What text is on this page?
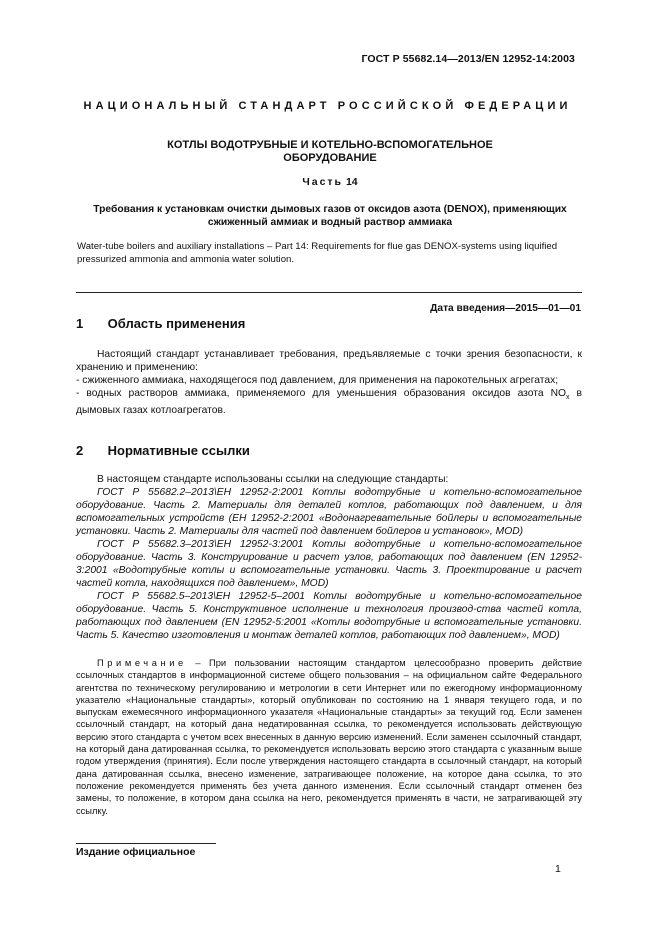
ГОСТ Р 55682.14—2013/EN 12952-14:2003
НАЦИОНАЛЬНЫЙ СТАНДАРТ РОССИЙСКОЙ ФЕДЕРАЦИИ
КОТЛЫ ВОДОТРУБНЫЕ И КОТЕЛЬНО-ВСПОМОГАТЕЛЬНОЕ
ОБОРУДОВАНИЕ
Часть 14
Требования к установкам очистки дымовых газов от оксидов азота (DENOX), применяющих сжиженный аммиак и водный раствор аммиака
Water-tube boilers and auxiliary installations – Part 14: Requirements for flue gas DENOX-systems using liquified pressurized ammonia and ammonia water solution.
Дата введения—2015—01—01
1 Область применения
Настоящий стандарт устанавливает требования, предъявляемые с точки зрения безопасности, к хранению и применению:
- сжиженного аммиака, находящегося под давлением, для применения на парокотельных агрегатах;
- водных растворов аммиака, применяемого для уменьшения образования оксидов азота $NO_x$ в дымовых газах котлоагрегатов.
2 Нормативные ссылки
В настоящем стандарте использованы ссылки на следующие стандарты:
ГОСТ Р 55682.2–2013\EH 12952-2:2001 Котлы водотрубные и котельно-вспомогательное оборудование. Часть 2. Материалы для деталей котлов, работающих под давлением, и для вспомогательных устройств (EH 12952-2:2001 «Водонагревательные бойлеры и вспомогательные установки. Часть 2. Материалы для частей под давлением бойлеров и установок», MOD)
ГОСТ Р 55682.3–2013\EH 12952-3:2001 Котлы водотрубные и котельно-вспомогательное оборудование. Часть 3. Конструирование и расчет узлов, работающих под давлением (EN 12952-3:2001 «Водотрубные котлы и вспомогательные установки. Часть 3. Проектирование и расчет частей котла, находящихся под давлением», MOD)
ГОСТ Р 55682.5–2013\EH 12952-5–2001 Котлы водотрубные и котельно-вспомогательное оборудование. Часть 5. Конструктивное исполнение и технология производ-ства частей котла, работающих под давлением (EN 12952-5:2001 «Котлы водотрубные и вспомогательные установки. Часть 5. Качество изготовления и монтаж деталей котлов, работающих под давлением», MOD)
Примечание – При пользовании настоящим стандартом целесообразно проверить действие ссылочных стандартов в информационной системе общего пользования – на официальном сайте Федерального агентства по техническому регулированию и метрологии в сети Интернет или по ежегодному информационному указателю «Национальные стандарты», который опубликован по состоянию на 1 января текущего года, и по выпускам ежемесячного информационного указателя «Национальные стандарты» за текущий год. Если заменен ссылочный стандарт, на который дана недатированная ссылка, то рекомендуется использовать действующую версию этого стандарта с учетом всех внесенных в данную версию изменений. Если заменен ссылочный стандарт, на который дана датированная ссылка, то рекомендуется использовать версию этого стандарта с указанным выше годом утверждения (принятия). Если после утверждения настоящего стандарта в ссылочный стандарт, на который дана датированная ссылка, внесено изменение, затрагивающее положение, на которое дана ссылка, то это положение рекомендуется применять без учета данного изменения. Если ссылочный стандарт отменен без замены, то положение, в котором дана ссылка на него, рекомендуется применять в части, не затрагивающей эту ссылку.
Издание официальное
1
